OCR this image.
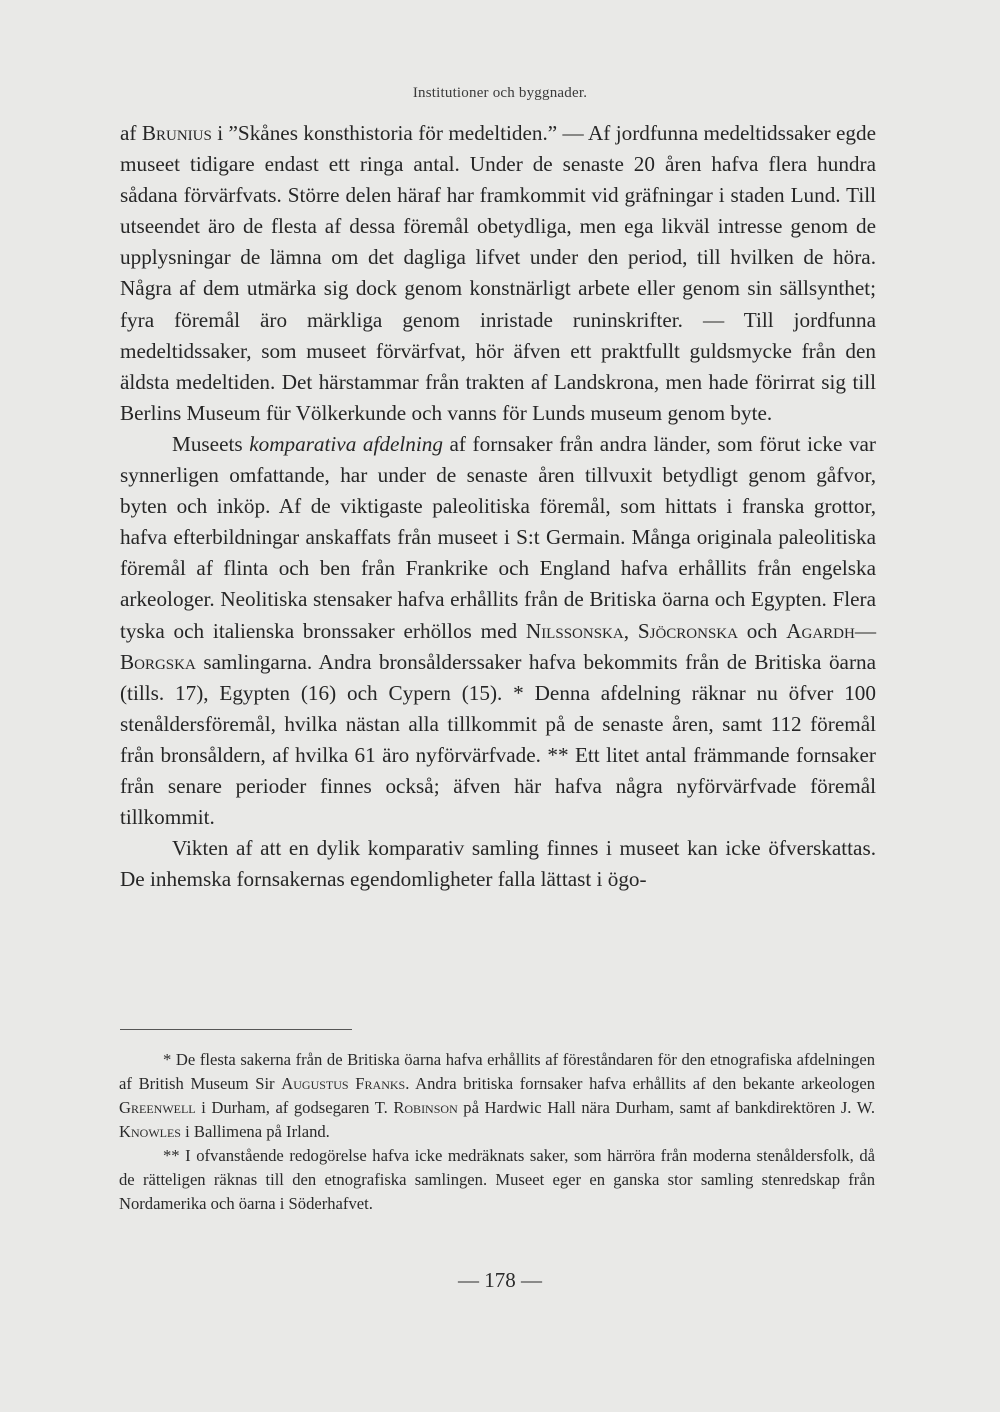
Institutioner och byggnader.

af Brunius i ”Skånes konsthistoria för medeltiden.” — Af jordfunna medeltidssaker egde museet tidigare endast ett ringa antal. Under de senaste 20 åren hafva flera hundra sådana förvärfvats. Större delen häraf har framkommit vid gräfningar i staden Lund. Till utseendet äro de flesta af dessa föremål obetydliga, men ega likväl intresse genom de upplysningar de lämna om det dagliga lifvet under den period, till hvilken de höra. Några af dem utmärka sig dock genom konstnärligt arbete eller genom sin sällsynthet; fyra föremål äro märkliga genom inristade runinskrifter. — Till jordfunna medeltidssaker, som museet förvärfvat, hör äfven ett praktfullt guldsmycke från den äldsta medeltiden. Det härstammar från trakten af Landskrona, men hade förirrat sig till Berlins Museum für Völkerkunde och vanns för Lunds museum genom byte.

Museets komparativa afdelning af fornsaker från andra länder, som förut icke var synnerligen omfattande, har under de senaste åren tillvuxit betydligt genom gåfvor, byten och inköp. Af de viktigaste paleolitiska föremål, som hittats i franska grottor, hafva efterbildningar anskaffats från museet i S:t Germain. Många originala paleolitiska föremål af flinta och ben från Frankrike och England hafva erhållits från engelska arkeologer. Neolitiska stensaker hafva erhållits från de Britiska öarna och Egypten. Flera tyska och italienska bronssaker erhöllos med Nilssonska, Sjöcronska och Agardh—Borgska samlingarna. Andra bronsålderssaker hafva bekommits från de Britiska öarna (tills. 17), Egypten (16) och Cypern (15). * Denna afdelning räknar nu öfver 100 stenåldersföremål, hvilka nästan alla tillkommit på de senaste åren, samt 112 föremål från bronsåldern, af hvilka 61 äro nyförvärfvade. ** Ett litet antal främmande fornsaker från senare perioder finnes också; äfven här hafva några nyförvärfvade föremål tillkommit.

Vikten af att en dylik komparativ samling finnes i museet kan icke öfverskattas. De inhemska fornsakernas egendomligheter falla lättast i ögo-

* De flesta sakerna från de Britiska öarna hafva erhållits af föreståndaren för den etnografiska afdelningen af British Museum Sir Augustus Franks. Andra britiska fornsaker hafva erhållits af den bekante arkeologen Greenwell i Durham, af godsegaren T. Robinson på Hardwic Hall nära Durham, samt af bankdirektören J. W. Knowles i Ballimena på Irland.

** I ofvanstående redogörelse hafva icke medräknats saker, som härröra från moderna stenåldersfolk, då de rätteligen räknas till den etnografiska samlingen. Museet eger en ganska stor samling stenredskap från Nordamerika och öarna i Söderhafvet.

— 178 —
